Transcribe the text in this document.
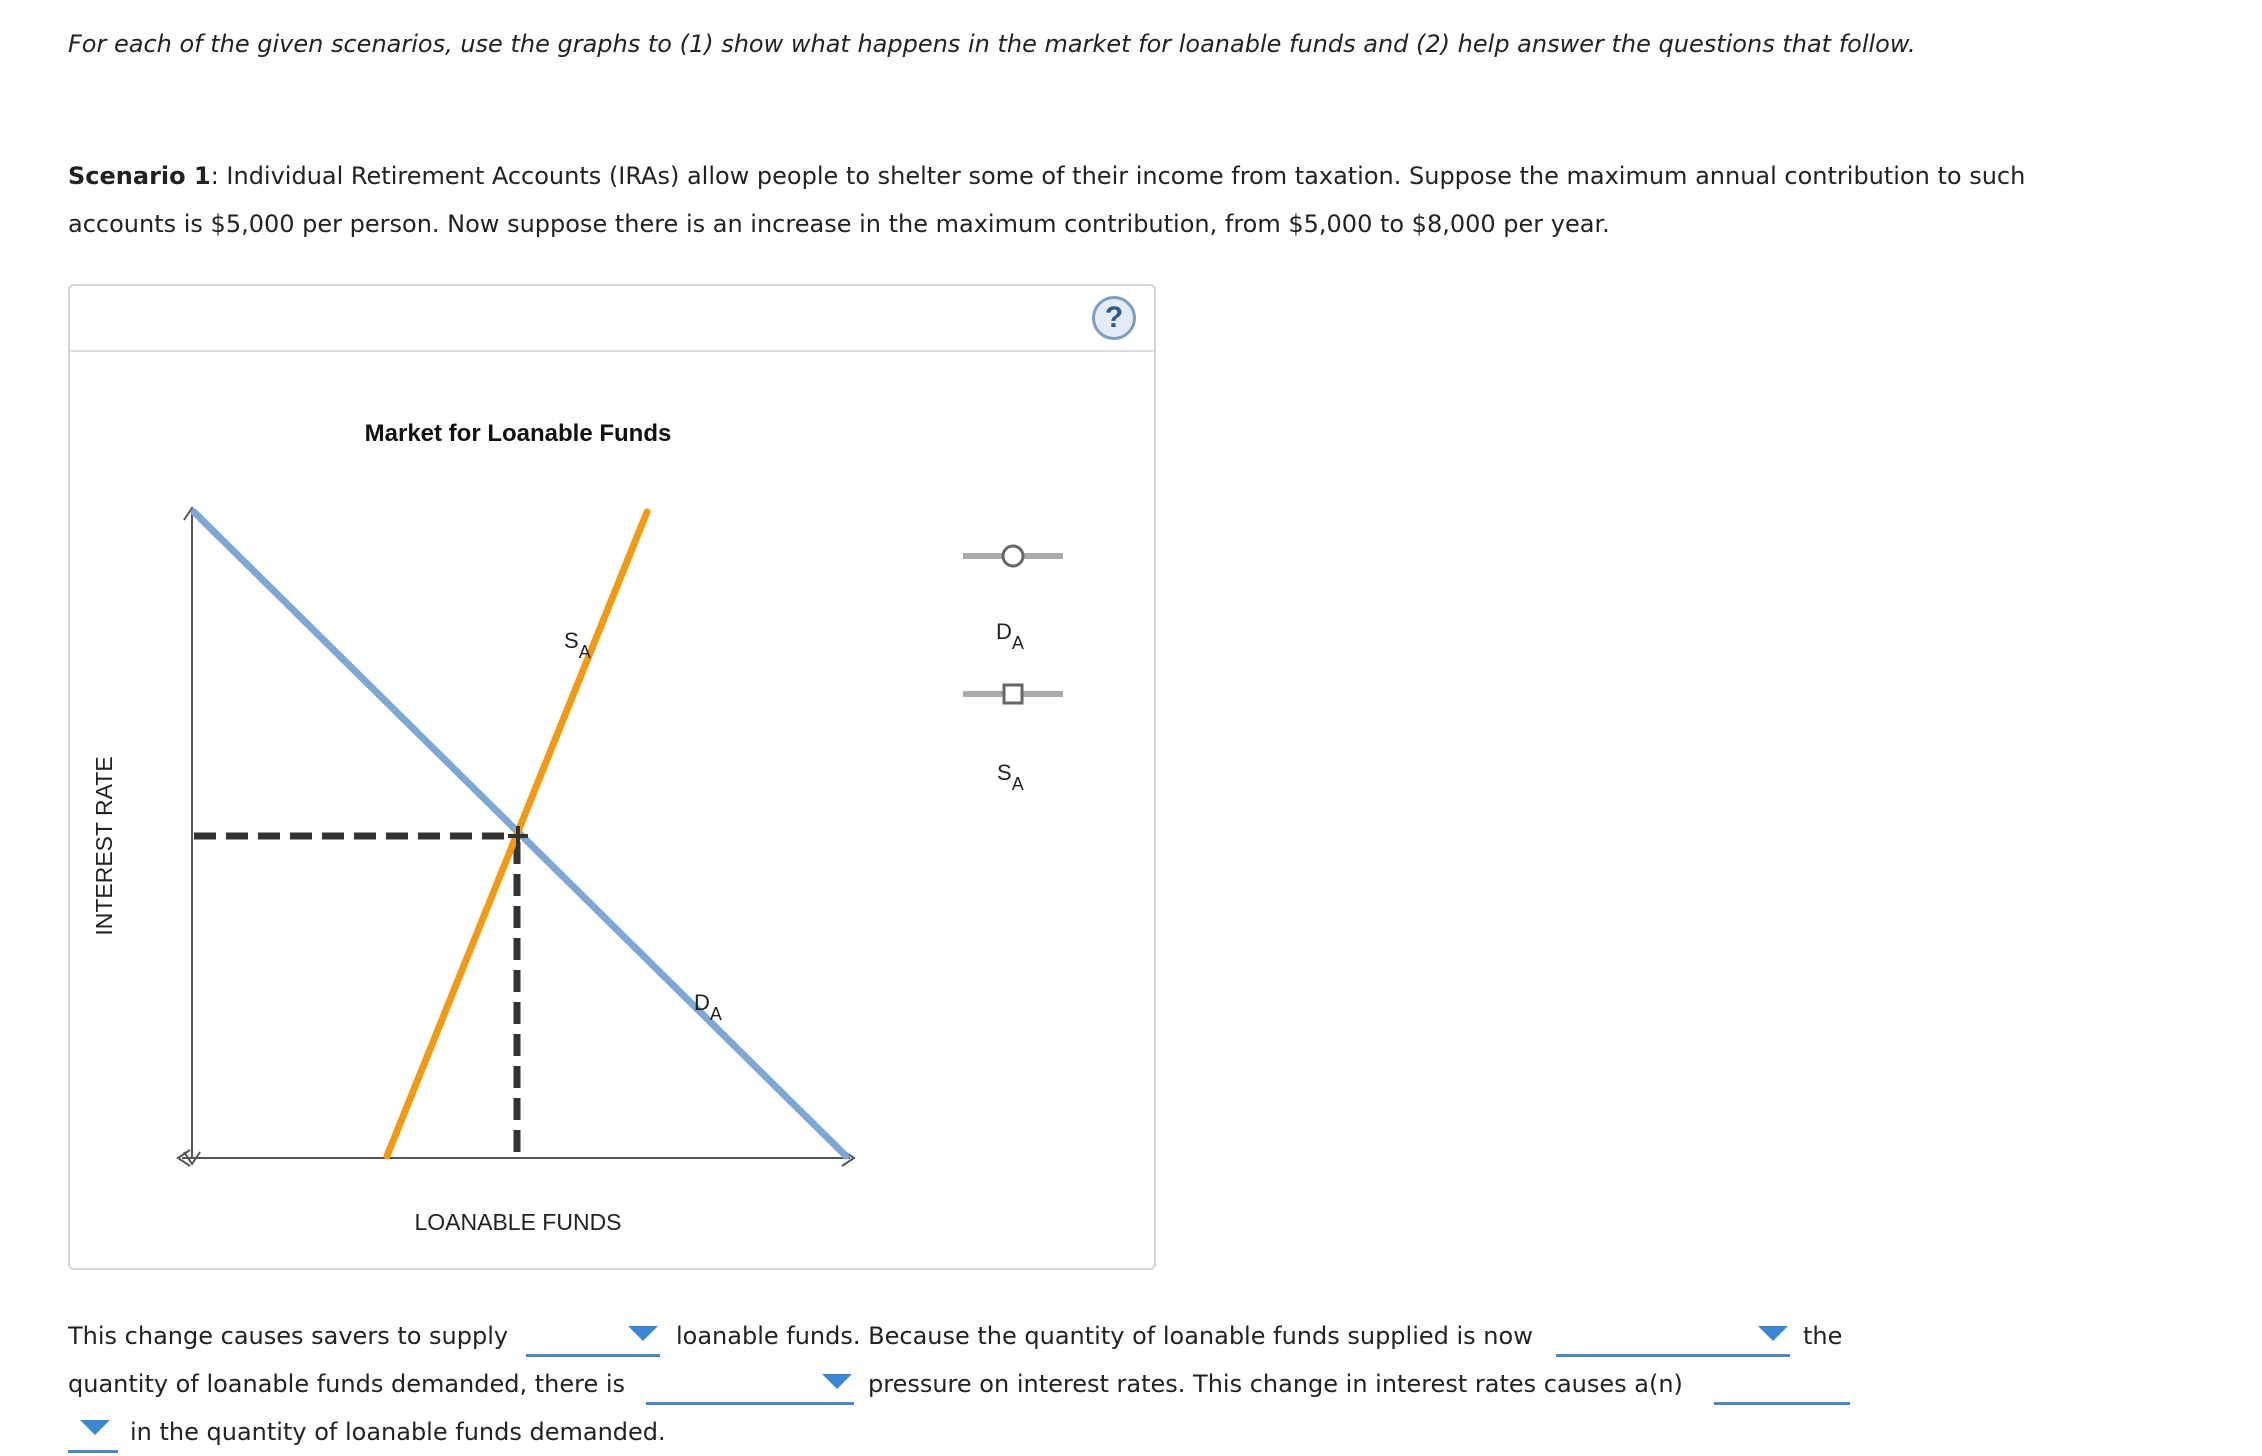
For each of the given scenarios, use the graphs to (1) show what happens in the market for loanable funds and (2) help answer the questions that follow.
Scenario 1: Individual Retirement Accounts (IRAs) allow people to shelter some of their income from taxation. Suppose the maximum annual contribution to such accounts is $5,000 per person. Now suppose there is an increase in the maximum contribution, from $5,000 to $8,000 per year.
?
Market for Loanable Funds
INTEREST RATE
LOANABLE FUNDS
$S_A$
$D_A$
$D_A$
$S_A$
This change causes savers to supply	loanable funds. Because the quantity of loanable funds supplied is now	the
quantity of loanable funds demanded, there is	pressure on interest rates. This change in interest rates causes a(n)
in the quantity of loanable funds demanded.
